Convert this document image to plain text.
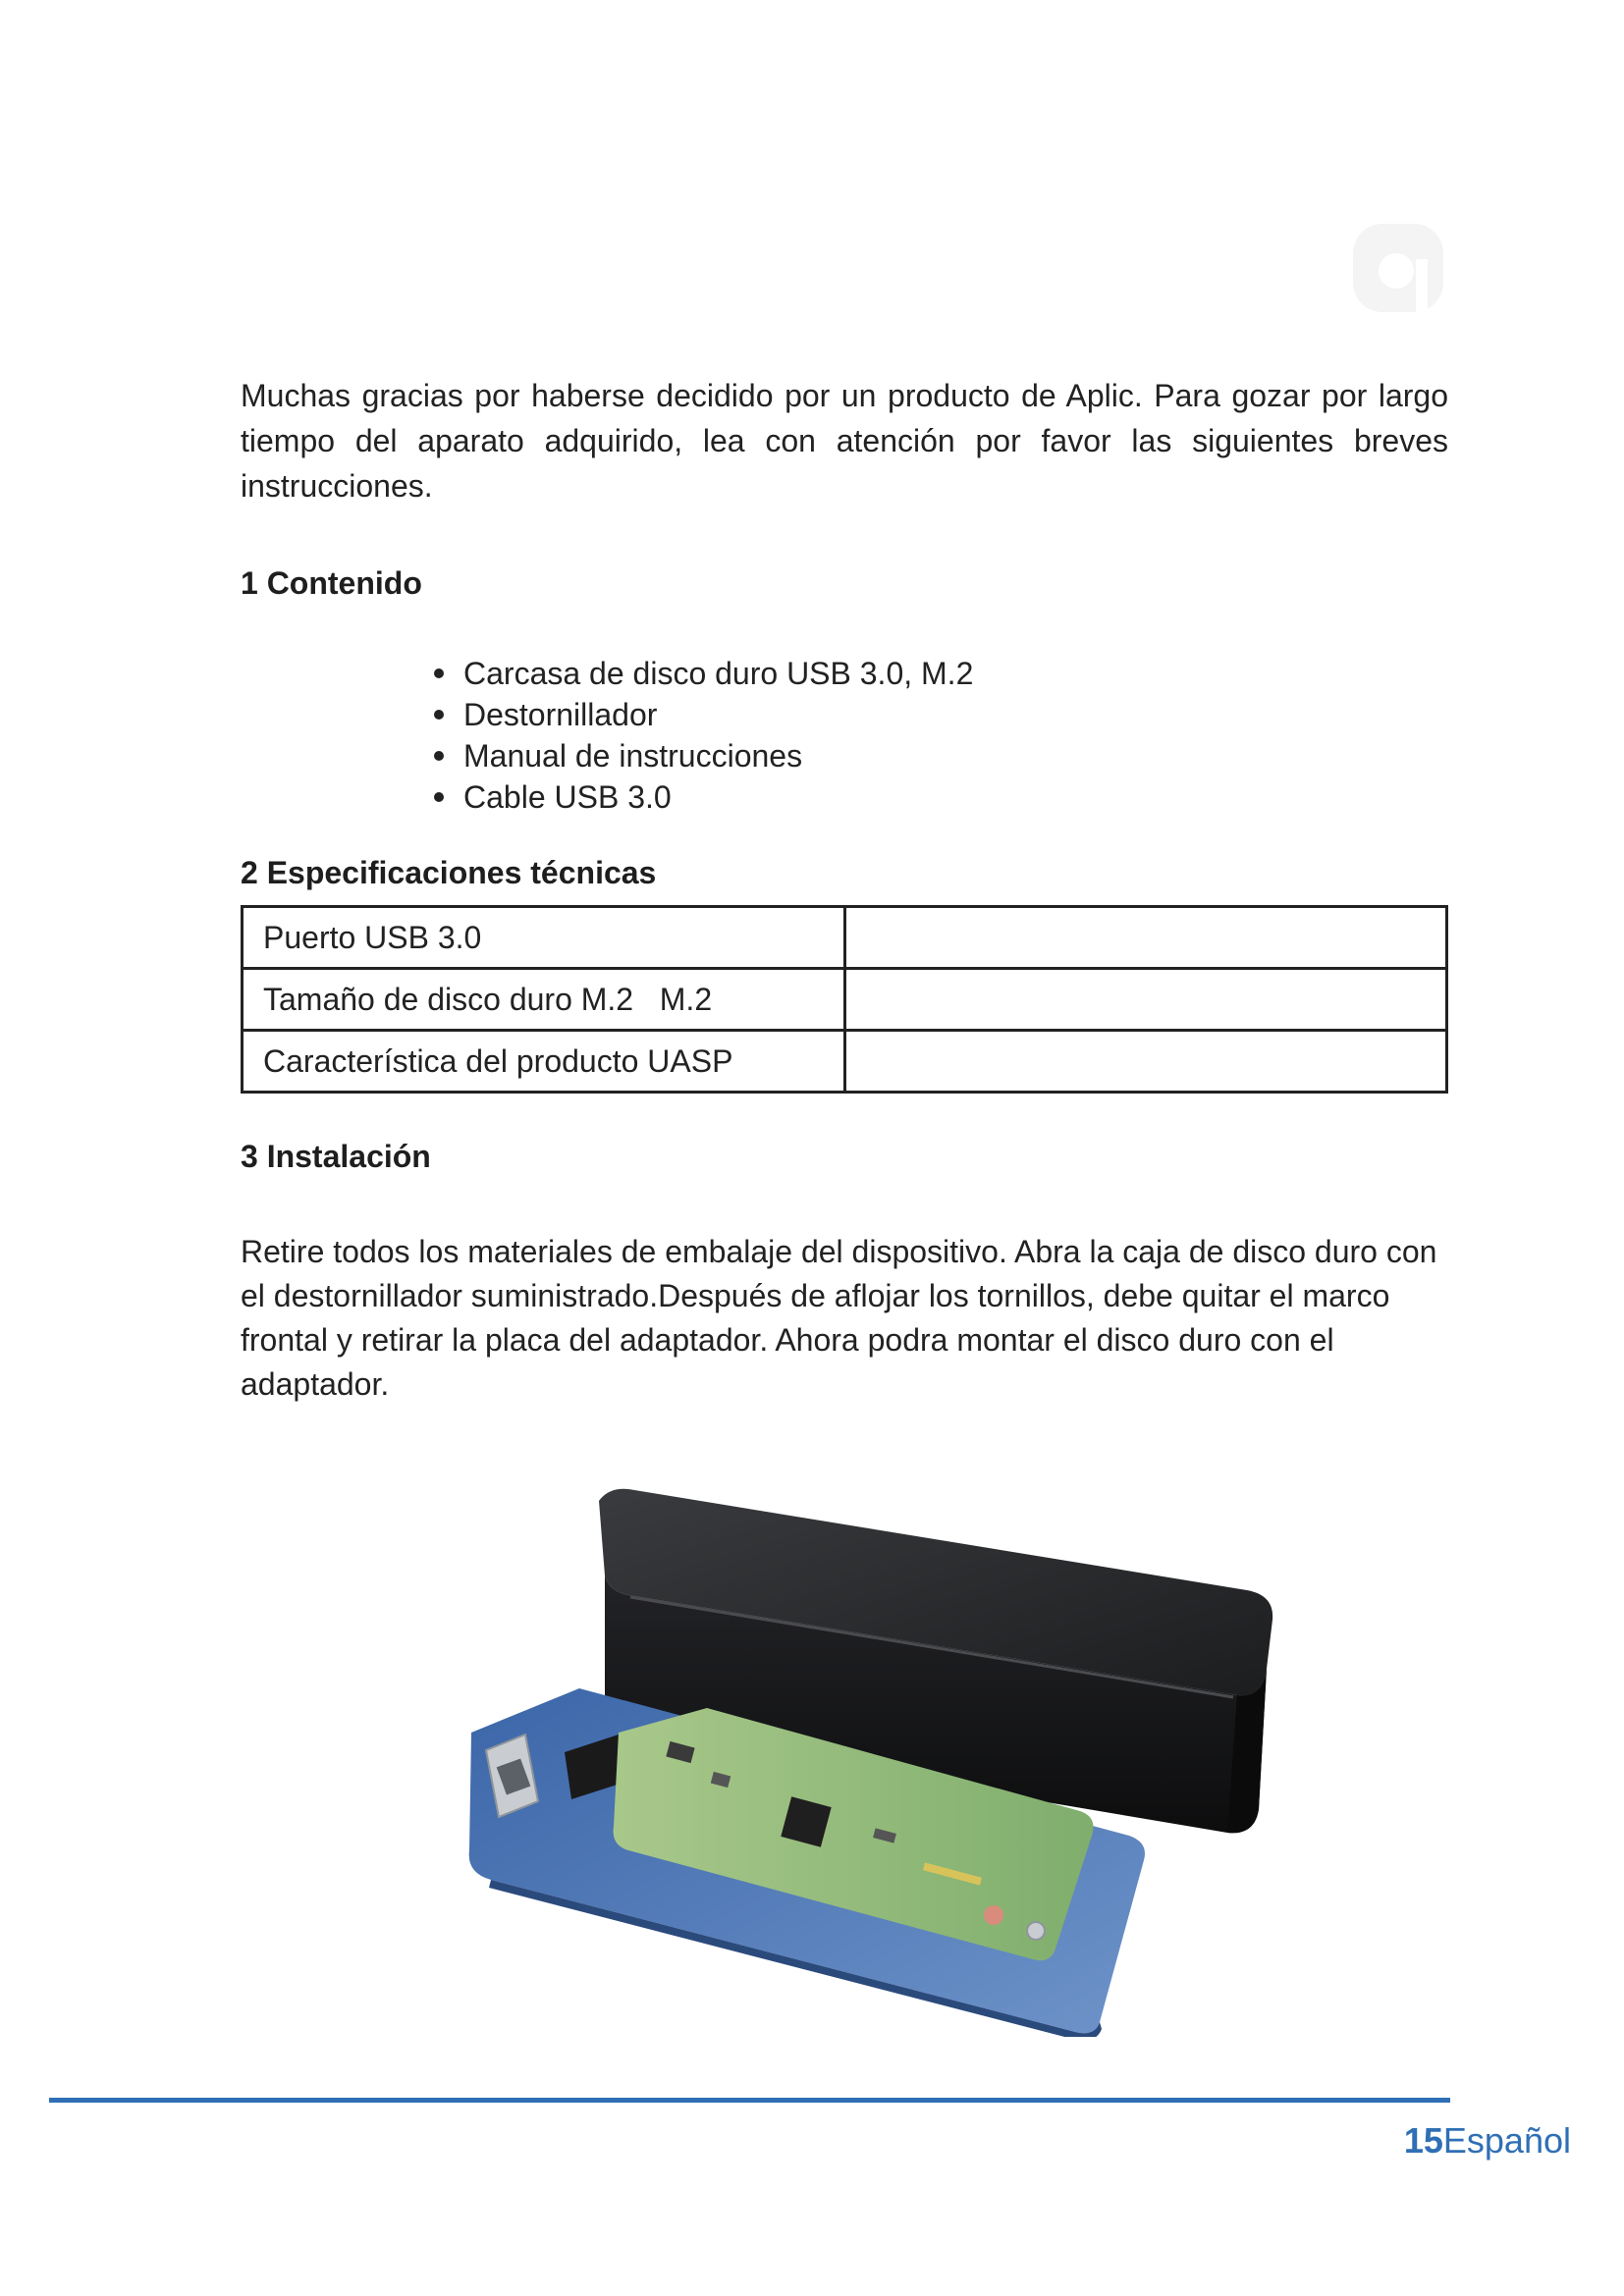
Muchas gracias por haberse decidido por un producto de Aplic. Para gozar por largo tiempo del aparato adquirido, lea con atención por favor las siguientes breves instrucciones.

1 Contenido
Carcasa de disco duro USB 3.0, M.2
Destornillador
Manual de instrucciones
Cable USB 3.0
2 Especificaciones técnicas
Puerto USB 3.0	
Tamaño de disco duro M.2   M.2	
Característica del producto UASP	
3 Instalación

Retire todos los materiales de embalaje del dispositivo. Abra la caja de disco duro con el destornillador suministrado.Después de aflojar los tornillos, debe quitar el marco frontal y retirar la placa del adaptador. Ahora podra montar el disco duro con el adaptador.

15Español
